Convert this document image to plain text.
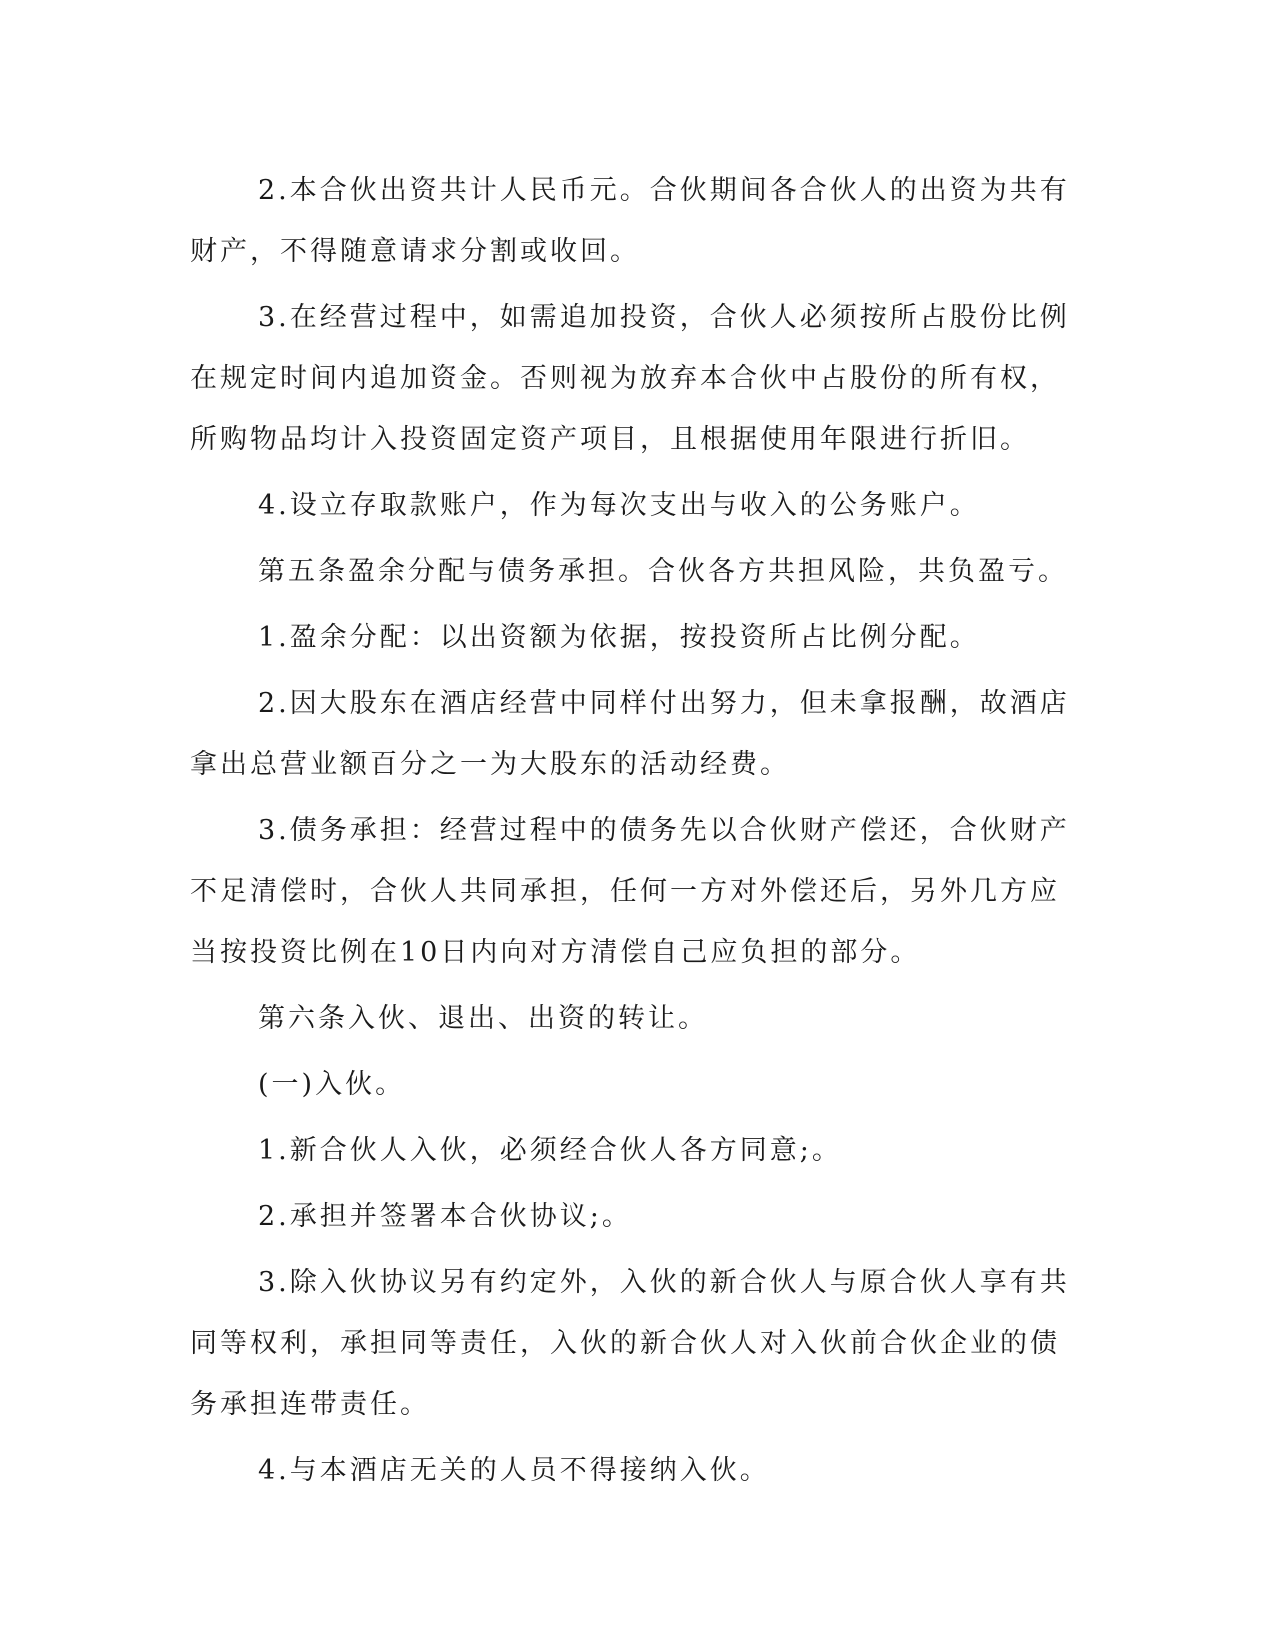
2.本合伙出资共计人民币元。合伙期间各合伙人的出资为共有财产，不得随意请求分割或收回。

3.在经营过程中，如需追加投资，合伙人必须按所占股份比例在规定时间内追加资金。否则视为放弃本合伙中占股份的所有权，所购物品均计入投资固定资产项目，且根据使用年限进行折旧。

4.设立存取款账户，作为每次支出与收入的公务账户。

第五条盈余分配与债务承担。合伙各方共担风险，共负盈亏。

1.盈余分配：以出资额为依据，按投资所占比例分配。

2.因大股东在酒店经营中同样付出努力，但未拿报酬，故酒店拿出总营业额百分之一为大股东的活动经费。

3.债务承担：经营过程中的债务先以合伙财产偿还，合伙财产不足清偿时，合伙人共同承担，任何一方对外偿还后，另外几方应当按投资比例在10日内向对方清偿自己应负担的部分。

第六条入伙、退出、出资的转让。

(一)入伙。

1.新合伙人入伙，必须经合伙人各方同意;。

2.承担并签署本合伙协议;。

3.除入伙协议另有约定外，入伙的新合伙人与原合伙人享有共同等权利，承担同等责任，入伙的新合伙人对入伙前合伙企业的债务承担连带责任。

4.与本酒店无关的人员不得接纳入伙。
